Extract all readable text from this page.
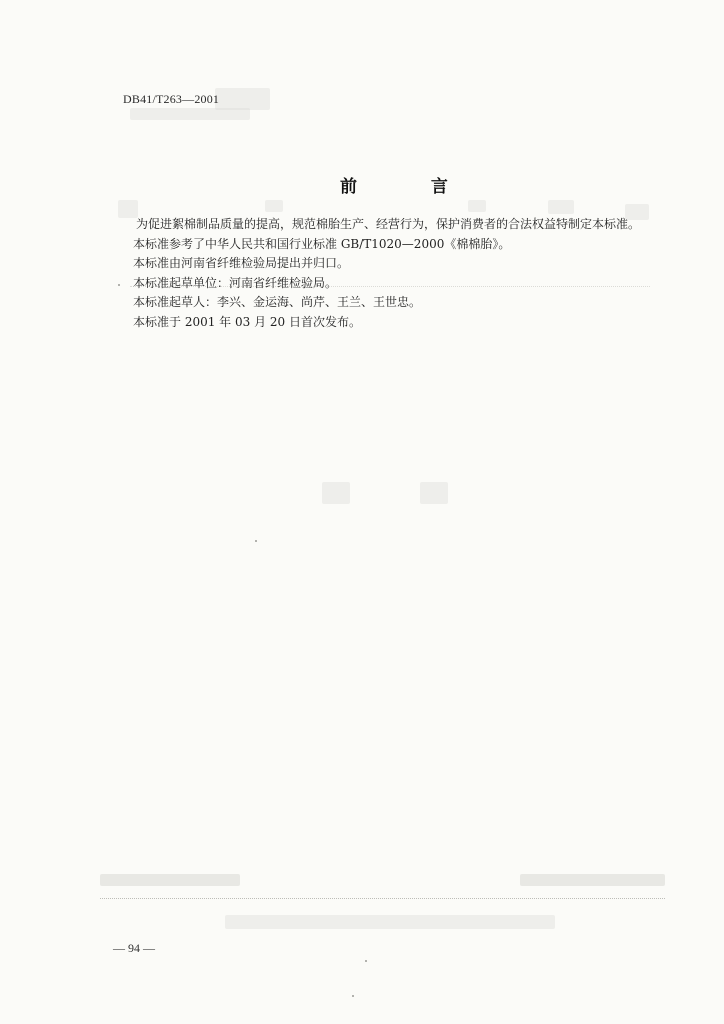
DB41/T263—2001
前 言
为促进絮棉制品质量的提高，规范棉胎生产、经营行为，保护消费者的合法权益特制定本标准。
本标准参考了中华人民共和国行业标准 GB/T1020—2000《棉棉胎》。
本标准由河南省纤维检验局提出并归口。
本标准起草单位：河南省纤维检验局。
本标准起草人：李兴、金运海、尚芹、王兰、王世忠。
本标准于 2001 年 03 月 20 日首次发布。
— 94 —
